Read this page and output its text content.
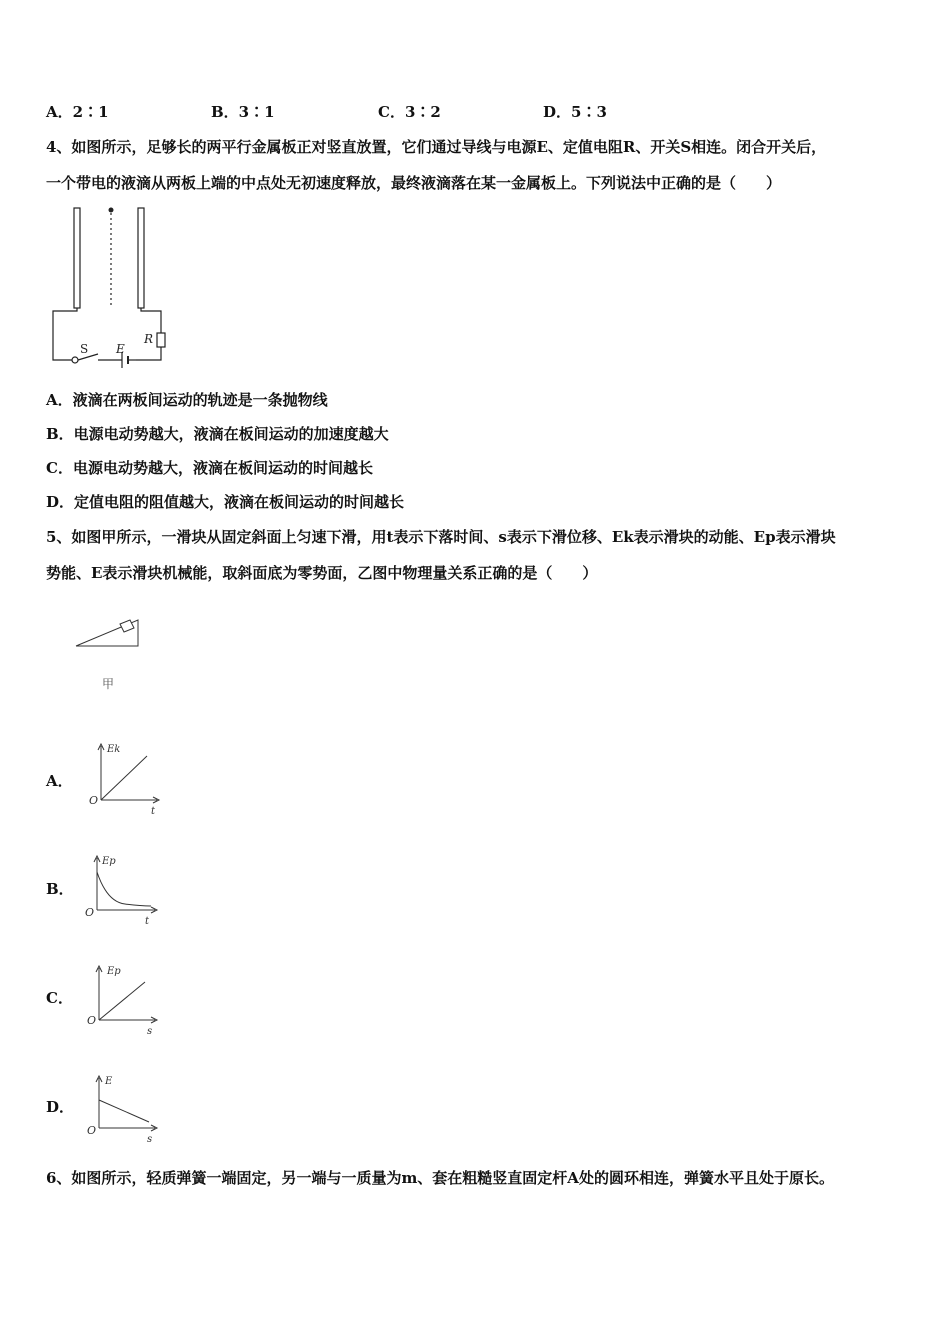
A．2∶1	B．3∶1	C．3∶2	D．5∶3
4、如图所示，足够长的两平行金属板正对竖直放置，它们通过导线与电源E、定值电阻R、开关S相连。闭合开关后，
一个带电的液滴从两板上端的中点处无初速度释放，最终液滴落在某一金属板上。下列说法中正确的是（　　）
S E
R
A．液滴在两板间运动的轨迹是一条抛物线
B．电源电动势越大，液滴在板间运动的加速度越大
C．电源电动势越大，液滴在板间运动的时间越长
D．定值电阻的阻值越大，液滴在板间运动的时间越长
5、如图甲所示，一滑块从固定斜面上匀速下滑，用t表示下落时间、s表示下滑位移、Ek表示滑块的动能、Ep表示滑块
势能、E表示滑块机械能，取斜面底为零势面，乙图中物理量关系正确的是（　　）
甲
A．
Ek
O
t
B．
Ep
O
t
C．
Ep
O
s
D．
E
O
s
6、如图所示，轻质弹簧一端固定，另一端与一质量为m、套在粗糙竖直固定杆A处的圆环相连，弹簧水平且处于原长。
